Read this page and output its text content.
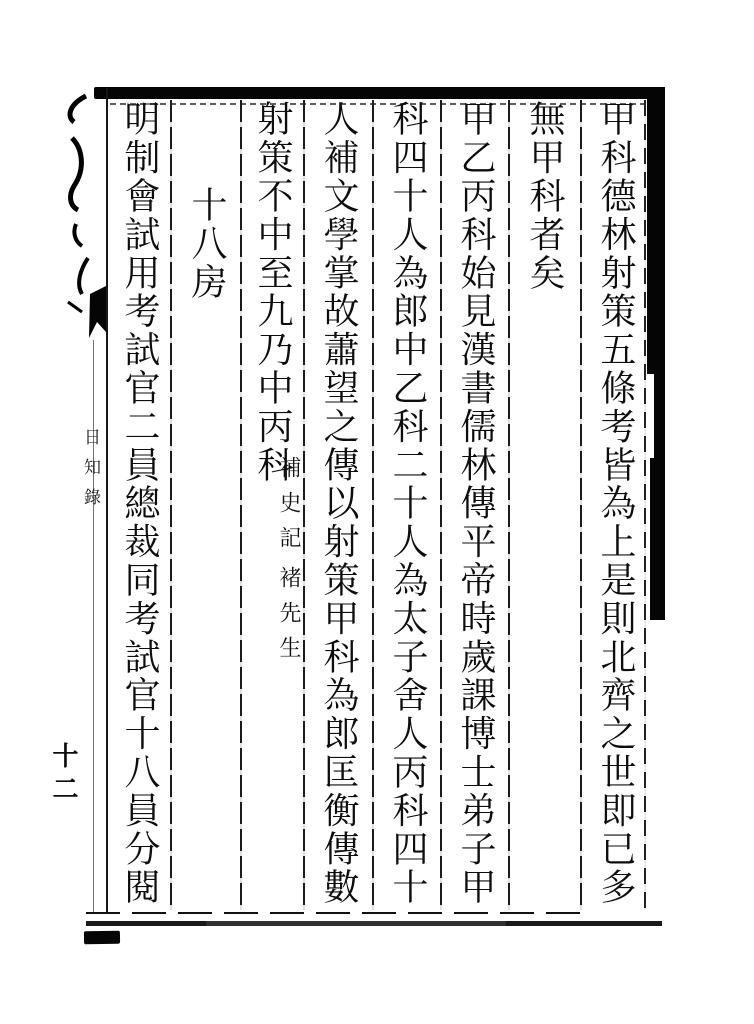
甲科德林射策五條考皆為上是則北齊之世即已多
無甲科者矣
甲乙丙科始見漢書儒林傳平帝時歲課博士弟子甲
科四十人為郎中乙科二十人為太子舍人丙科四十
人補文學掌故蕭望之傳以射策甲科為郎匡衡傳數
射策不中至九乃中丙科
褚先生
補史記
十八房
明制會試用考試官二員總裁同考試官十八員分閱
日知錄
十二
